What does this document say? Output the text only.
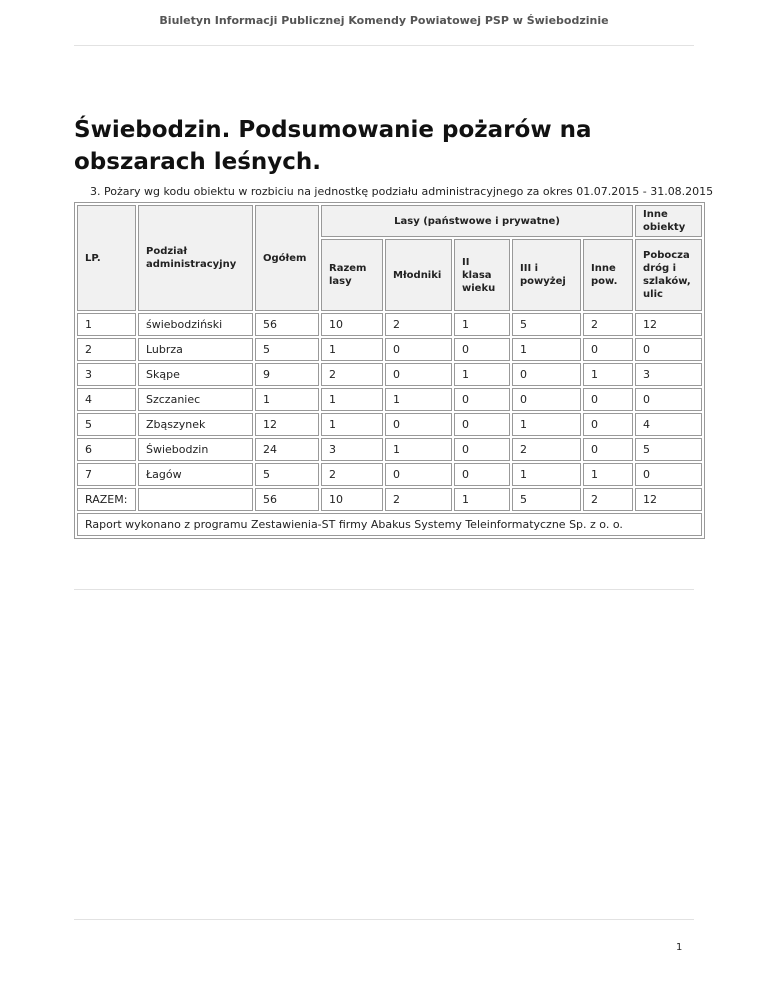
Biuletyn Informacji Publicznej Komendy Powiatowej PSP w Świebodzinie
Świebodzin. Podsumowanie pożarów na obszarach leśnych.
3. Pożary wg kodu obiektu w rozbiciu na jednostkę podziału administracyjnego za okres 01.07.2015 - 31.08.2015
LP.	Podział administracyjny	Ogółem	Lasy (państwowe i prywatne)					Inne obiekty
			Razem lasy	Młodniki	II klasa wieku	III i powyżej	Inne pow.	Pobocza dróg i szlaków, ulic
1	świebodziński	56	10	2	1	5	2	12
2	Lubrza	5	1	0	0	1	0	0
3	Skąpe	9	2	0	1	0	1	3
4	Szczaniec	1	1	1	0	0	0	0
5	Zbąszynek	12	1	0	0	1	0	4
6	Świebodzin	24	3	1	0	2	0	5
7	Łagów	5	2	0	0	1	1	0
RAZEM:		56	10	2	1	5	2	12
Raport wykonano z programu Zestawienia-ST firmy Abakus Systemy Teleinformatyczne Sp. z o. o.								
1
